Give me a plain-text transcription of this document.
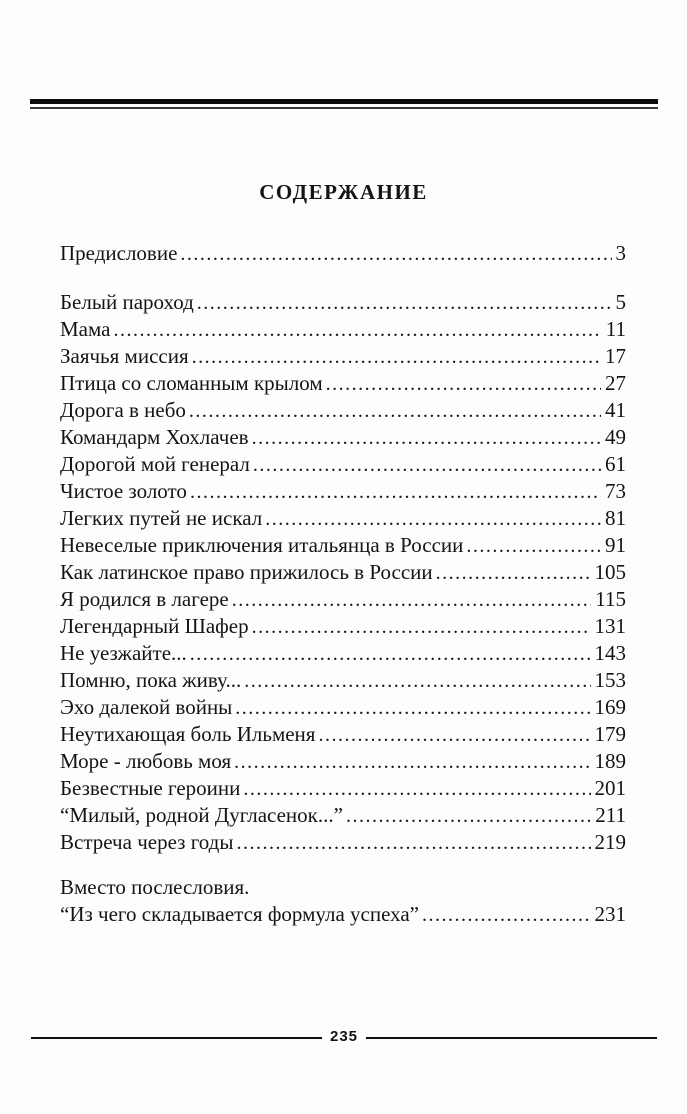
СОДЕРЖАНИЕ
Предисловие .....	3
Белый пароход .....	5
Мама .....	11
Заячья миссия .....	17
Птица со сломанным крылом .....	27
Дорога в небо .....	41
Командарм Хохлачев .....	49
Дорогой мой генерал .....	61
Чистое золото .....	73
Легких путей не искал .....	81
Невеселые приключения итальянца в России .....	91
Как латинское право прижилось в России .....	105
Я родился в лагере .....	115
Легендарный Шафер .....	131
Не уезжайте... .....	143
Помню, пока живу... .....	153
Эхо далекой войны .....	169
Неутихающая боль Ильменя .....	179
Море - любовь моя .....	189
Безвестные героини .....	201
“Милый, родной Дугласенок...” .....	211
Встреча через годы .....	219
Вместо послесловия.
“Из чего складывается формула успеха” .....	231
235
